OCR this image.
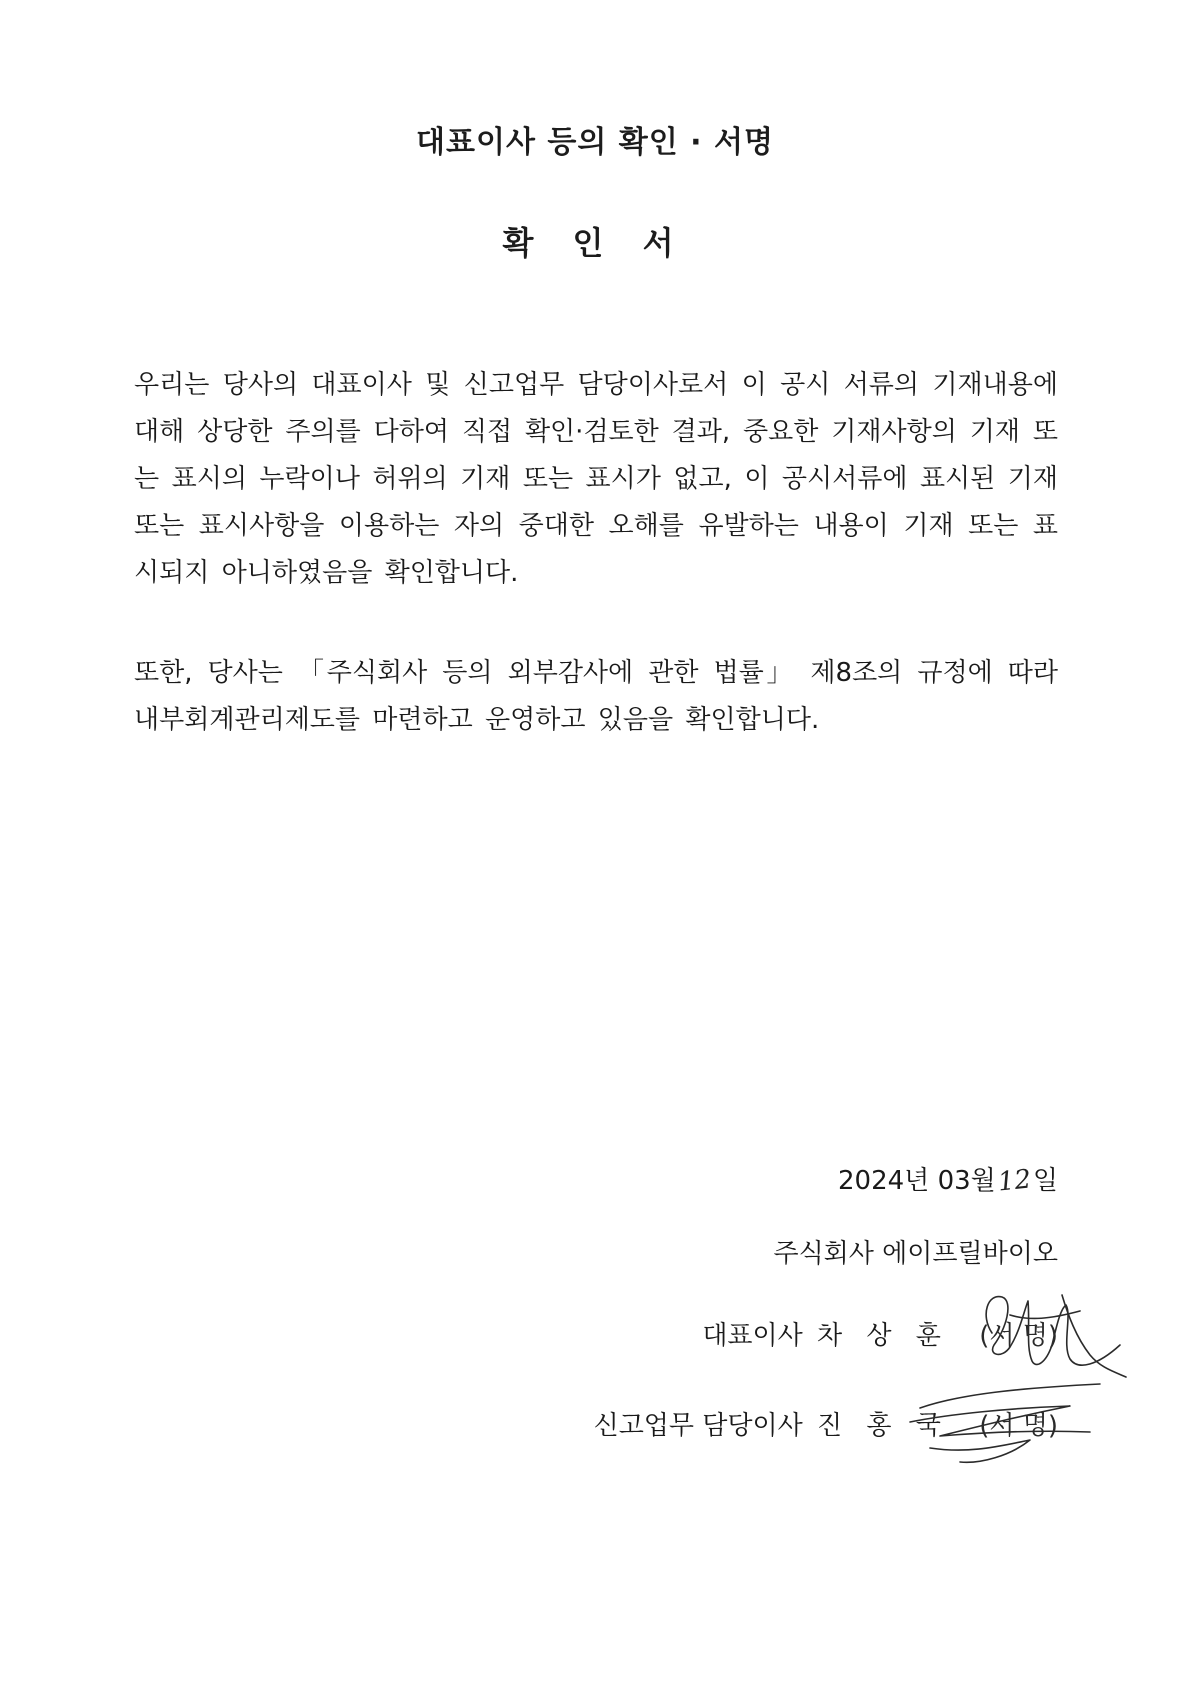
대표이사 등의 확인 · 서명
확 인 서
우리는 당사의 대표이사 및 신고업무 담당이사로서 이 공시 서류의 기재내용에 대해 상당한 주의를 다하여 직접 확인·검토한 결과, 중요한 기재사항의 기재 또는 표시의 누락이나 허위의 기재 또는 표시가 없고, 이 공시서류에 표시된 기재 또는 표시사항을 이용하는 자의 중대한 오해를 유발하는 내용이 기재 또는 표시되지 아니하였음을 확인합니다.
또한, 당사는 「주식회사 등의 외부감사에 관한 법률」 제8조의 규정에 따라 내부회계관리제도를 마련하고 운영하고 있음을 확인합니다.
2024년 03월12일
주식회사 에이프릴바이오
대표이사 차 상 훈 (서 명)
신고업무 담당이사 진 홍 국 (서 명)
